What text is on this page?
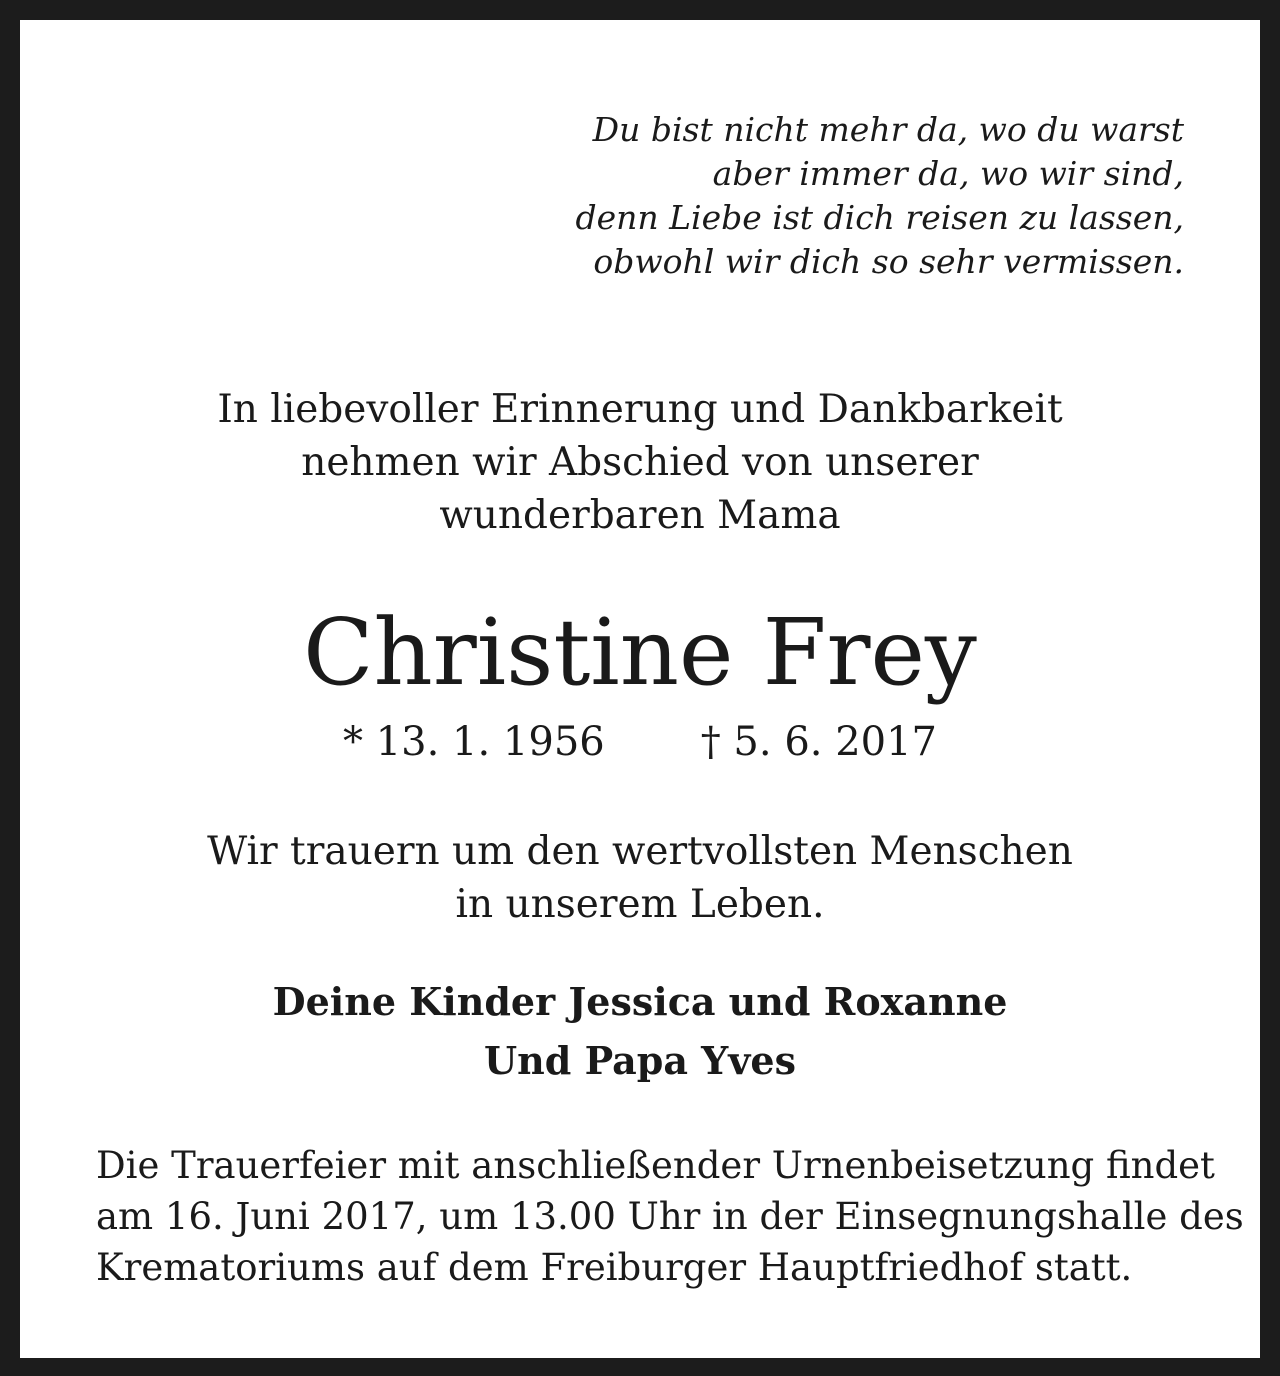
Du bist nicht mehr da, wo du warst
aber immer da, wo wir sind,
denn Liebe ist dich reisen zu lassen,
obwohl wir dich so sehr vermissen.
In liebevoller Erinnerung und Dankbarkeit
nehmen wir Abschied von unserer
wunderbaren Mama
Christine Frey
* 13. 1. 1956 † 5. 6. 2017
Wir trauern um den wertvollsten Menschen
in unserem Leben.
Deine Kinder Jessica und Roxanne
Und Papa Yves
Die Trauerfeier mit anschließender Urnenbeisetzung findet
am 16. Juni 2017, um 13.00 Uhr in der Einsegnungshalle des
Krematoriums auf dem Freiburger Hauptfriedhof statt.
